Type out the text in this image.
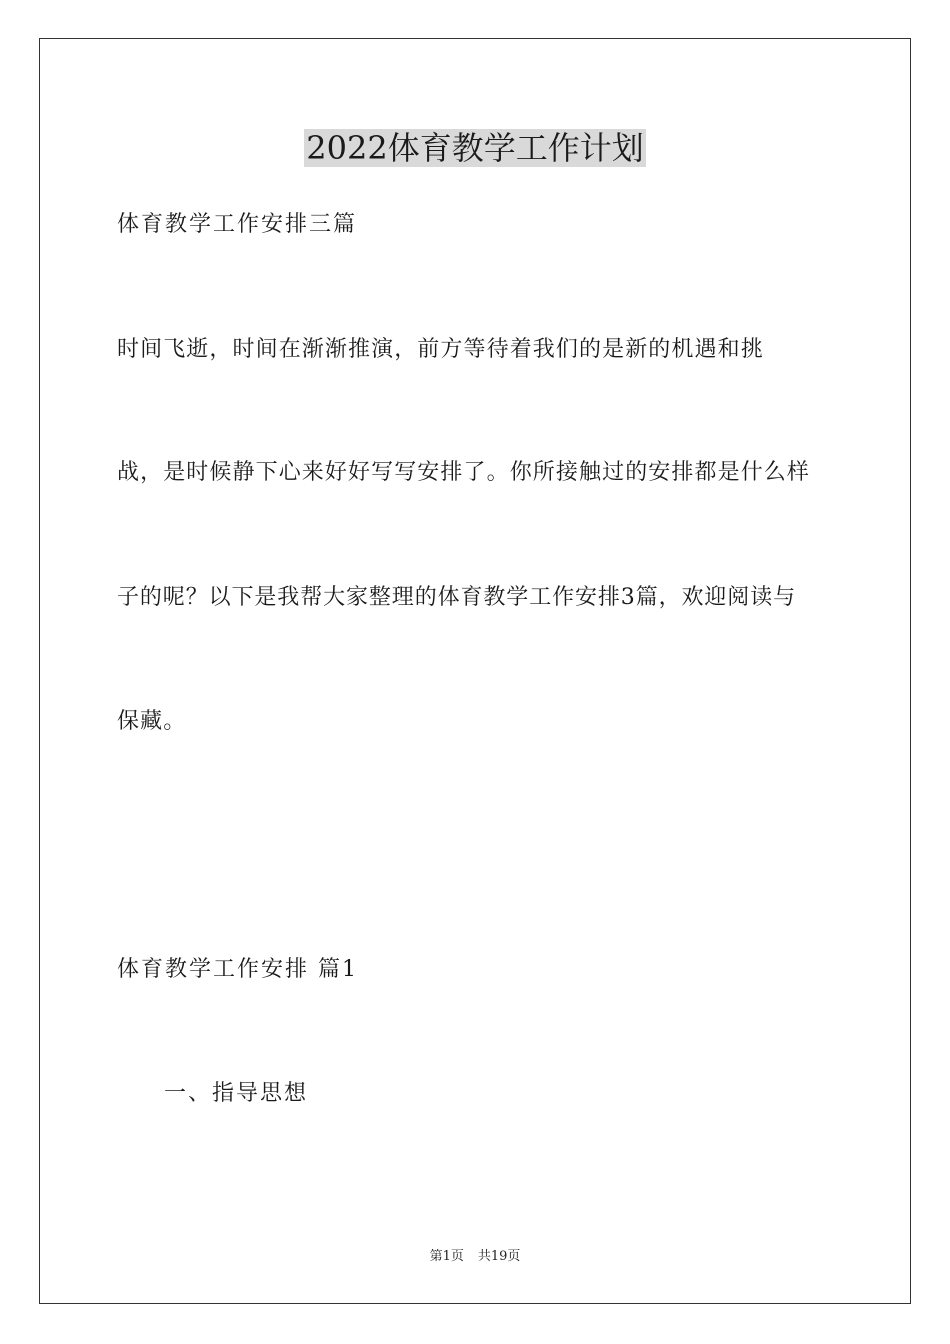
2022体育教学工作计划

体育教学工作安排三篇

时间飞逝，时间在渐渐推演，前方等待着我们的是新的机遇和挑

战，是时候静下心来好好写写安排了。你所接触过的安排都是什么样

子的呢？以下是我帮大家整理的体育教学工作安排3篇，欢迎阅读与

保藏。

体育教学工作安排 篇1

一、指导思想

第1页 共19页
